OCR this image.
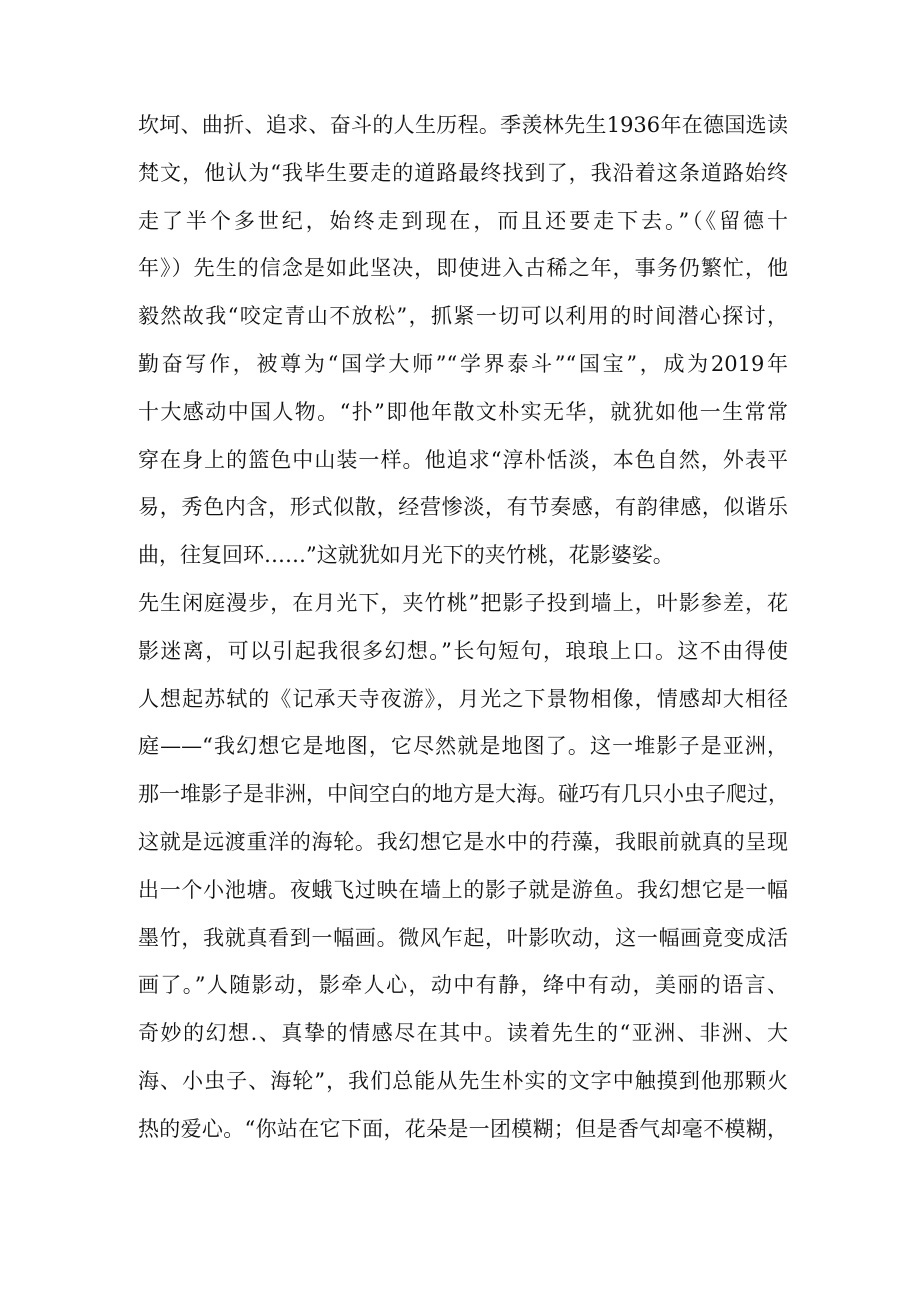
坎坷、曲折、追求、奋斗的人生历程。季羡林先生1936年在德国选读
梵文，他认为“我毕生要走的道路最终找到了，我沿着这条道路始终
走了半个多世纪，始终走到现在，而且还要走下去。”（《留德十
年》）先生的信念是如此坚决，即使进入古稀之年，事务仍繁忙，他
毅然故我“咬定青山不放松”，抓紧一切可以利用的时间潜心探讨，
勤奋写作，被尊为“国学大师”“学界泰斗”“国宝”，成为2019年
十大感动中国人物。“扑”即他年散文朴实无华，就犹如他一生常常
穿在身上的篮色中山装一样。他追求“淳朴恬淡，本色自然，外表平
易，秀色内含，形式似散，经营惨淡，有节奏感，有韵律感，似谐乐
曲，往复回环……”这就犹如月光下的夹竹桃，花影婆娑。
先生闲庭漫步，在月光下，夹竹桃”把影子投到墙上，叶影参差，花
影迷离，可以引起我很多幻想。”长句短句，琅琅上口。这不由得使
人想起苏轼的《记承天寺夜游》，月光之下景物相像，情感却大相径
庭——“我幻想它是地图，它尽然就是地图了。这一堆影子是亚洲，
那一堆影子是非洲，中间空白的地方是大海。碰巧有几只小虫子爬过，
这就是远渡重洋的海轮。我幻想它是水中的荇藻，我眼前就真的呈现
出一个小池塘。夜蛾飞过映在墙上的影子就是游鱼。我幻想它是一幅
墨竹，我就真看到一幅画。微风乍起，叶影吹动，这一幅画竟变成活
画了。”人随影动，影牵人心，动中有静，绛中有动，美丽的语言、
奇妙的幻想.、真挚的情感尽在其中。读着先生的“亚洲、非洲、大
海、小虫子、海轮”，我们总能从先生朴实的文字中触摸到他那颗火
热的爱心。“你站在它下面，花朵是一团模糊；但是香气却毫不模糊，
